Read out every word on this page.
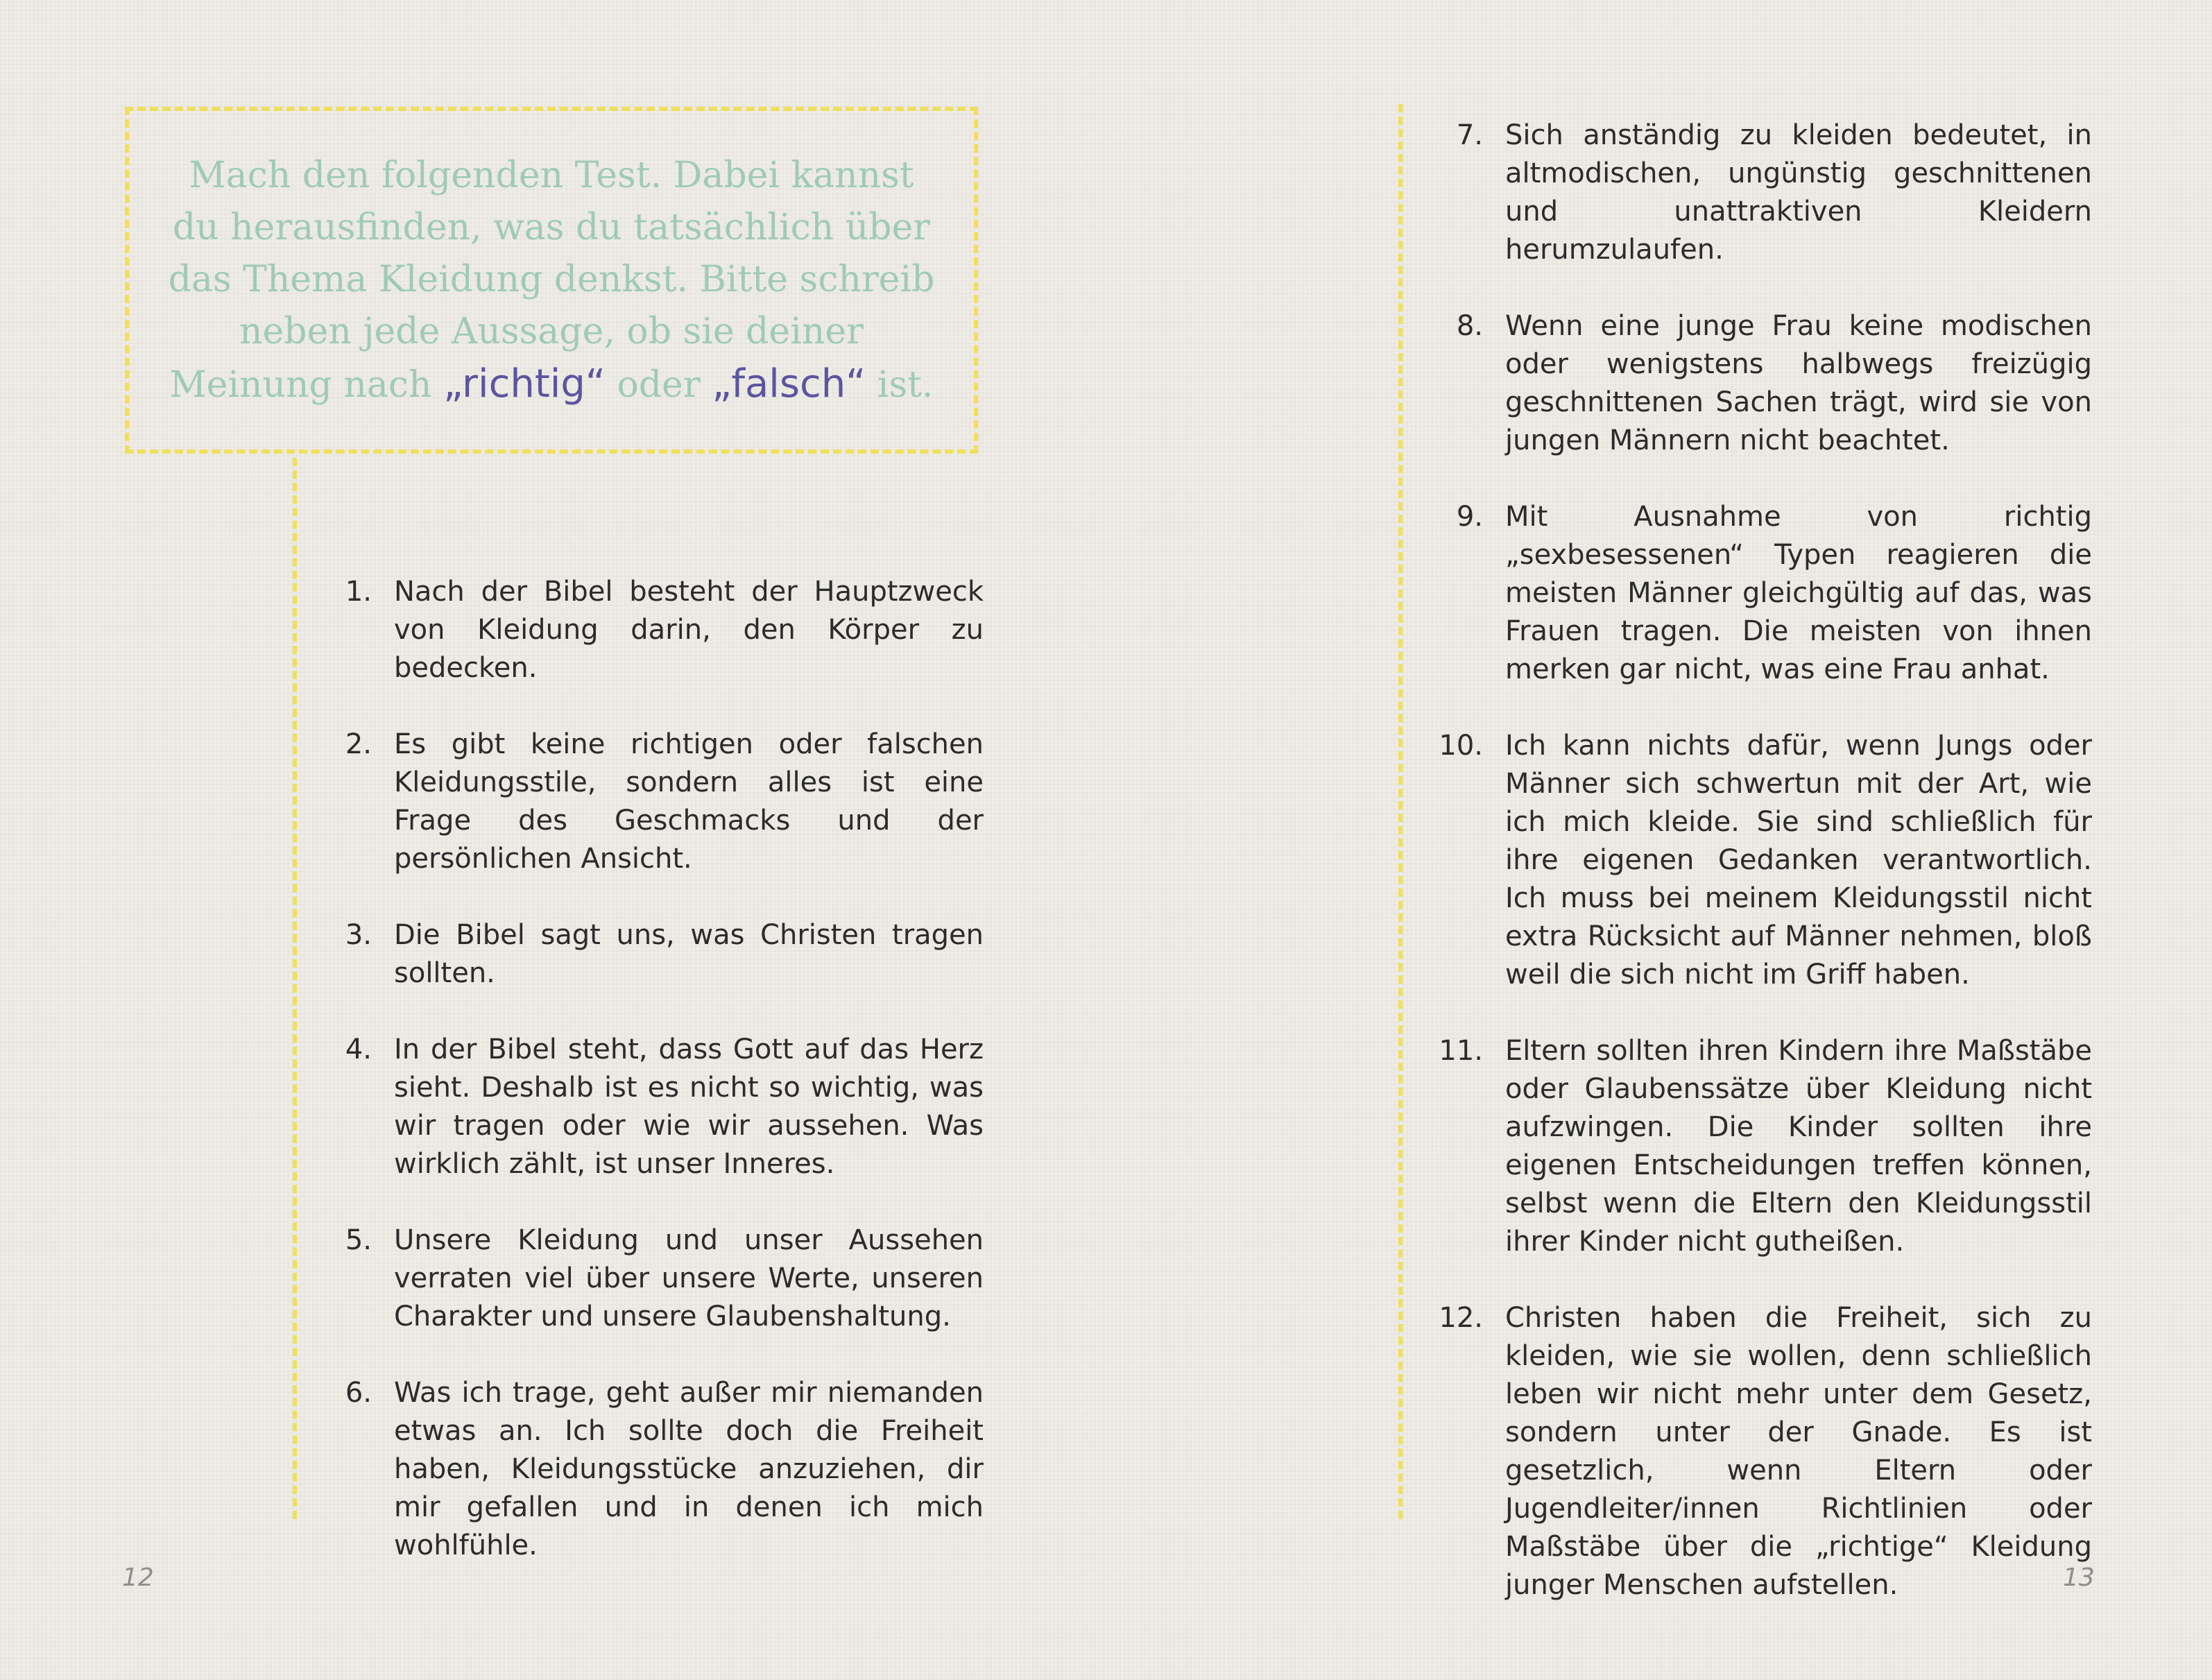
Mach den folgenden Test. Dabei kannst du herausfinden, was du tatsächlich über das Thema Kleidung denkst. Bitte schreib neben jede Aussage, ob sie deiner Meinung nach „richtig“ oder „falsch“ ist.

1. Nach der Bibel besteht der Hauptzweck von Kleidung darin, den Körper zu bedecken.
2. Es gibt keine richtigen oder falschen Kleidungsstile, sondern alles ist eine Frage des Geschmacks und der persönlichen Ansicht.
3. Die Bibel sagt uns, was Christen tragen sollten.
4. In der Bibel steht, dass Gott auf das Herz sieht. Deshalb ist es nicht so wichtig, was wir tragen oder wie wir aussehen. Was wirklich zählt, ist unser Inneres.
5. Unsere Kleidung und unser Aussehen verraten viel über unsere Werte, unseren Charakter und unsere Glaubenshaltung.
6. Was ich trage, geht außer mir niemanden etwas an. Ich sollte doch die Freiheit haben, Kleidungsstücke anzuziehen, dir mir gefallen und in denen ich mich wohlfühle.
12
7. Sich anständig zu kleiden bedeutet, in altmodischen, ungünstig geschnittenen und unattraktiven Kleidern herumzulaufen.
8. Wenn eine junge Frau keine modischen oder wenigstens halbwegs freizügig geschnittenen Sachen trägt, wird sie von jungen Männern nicht beachtet.
9. Mit Ausnahme von richtig „sexbesessenen“ Typen reagieren die meisten Männer gleichgültig auf das, was Frauen tragen. Die meisten von ihnen merken gar nicht, was eine Frau anhat.
10. Ich kann nichts dafür, wenn Jungs oder Männer sich schwertun mit der Art, wie ich mich kleide. Sie sind schließlich für ihre eigenen Gedanken verantwortlich. Ich muss bei meinem Kleidungsstil nicht extra Rücksicht auf Männer nehmen, bloß weil die sich nicht im Griff haben.
11. Eltern sollten ihren Kindern ihre Maßstäbe oder Glaubenssätze über Kleidung nicht aufzwingen. Die Kinder sollten ihre eigenen Entscheidungen treffen können, selbst wenn die Eltern den Kleidungsstil ihrer Kinder nicht gutheißen.
12. Christen haben die Freiheit, sich zu kleiden, wie sie wollen, denn schließlich leben wir nicht mehr unter dem Gesetz, sondern unter der Gnade. Es ist gesetzlich, wenn Eltern oder Jugendleiter/innen Richtlinien oder Maßstäbe über die „richtige“ Kleidung junger Menschen aufstellen.	13
